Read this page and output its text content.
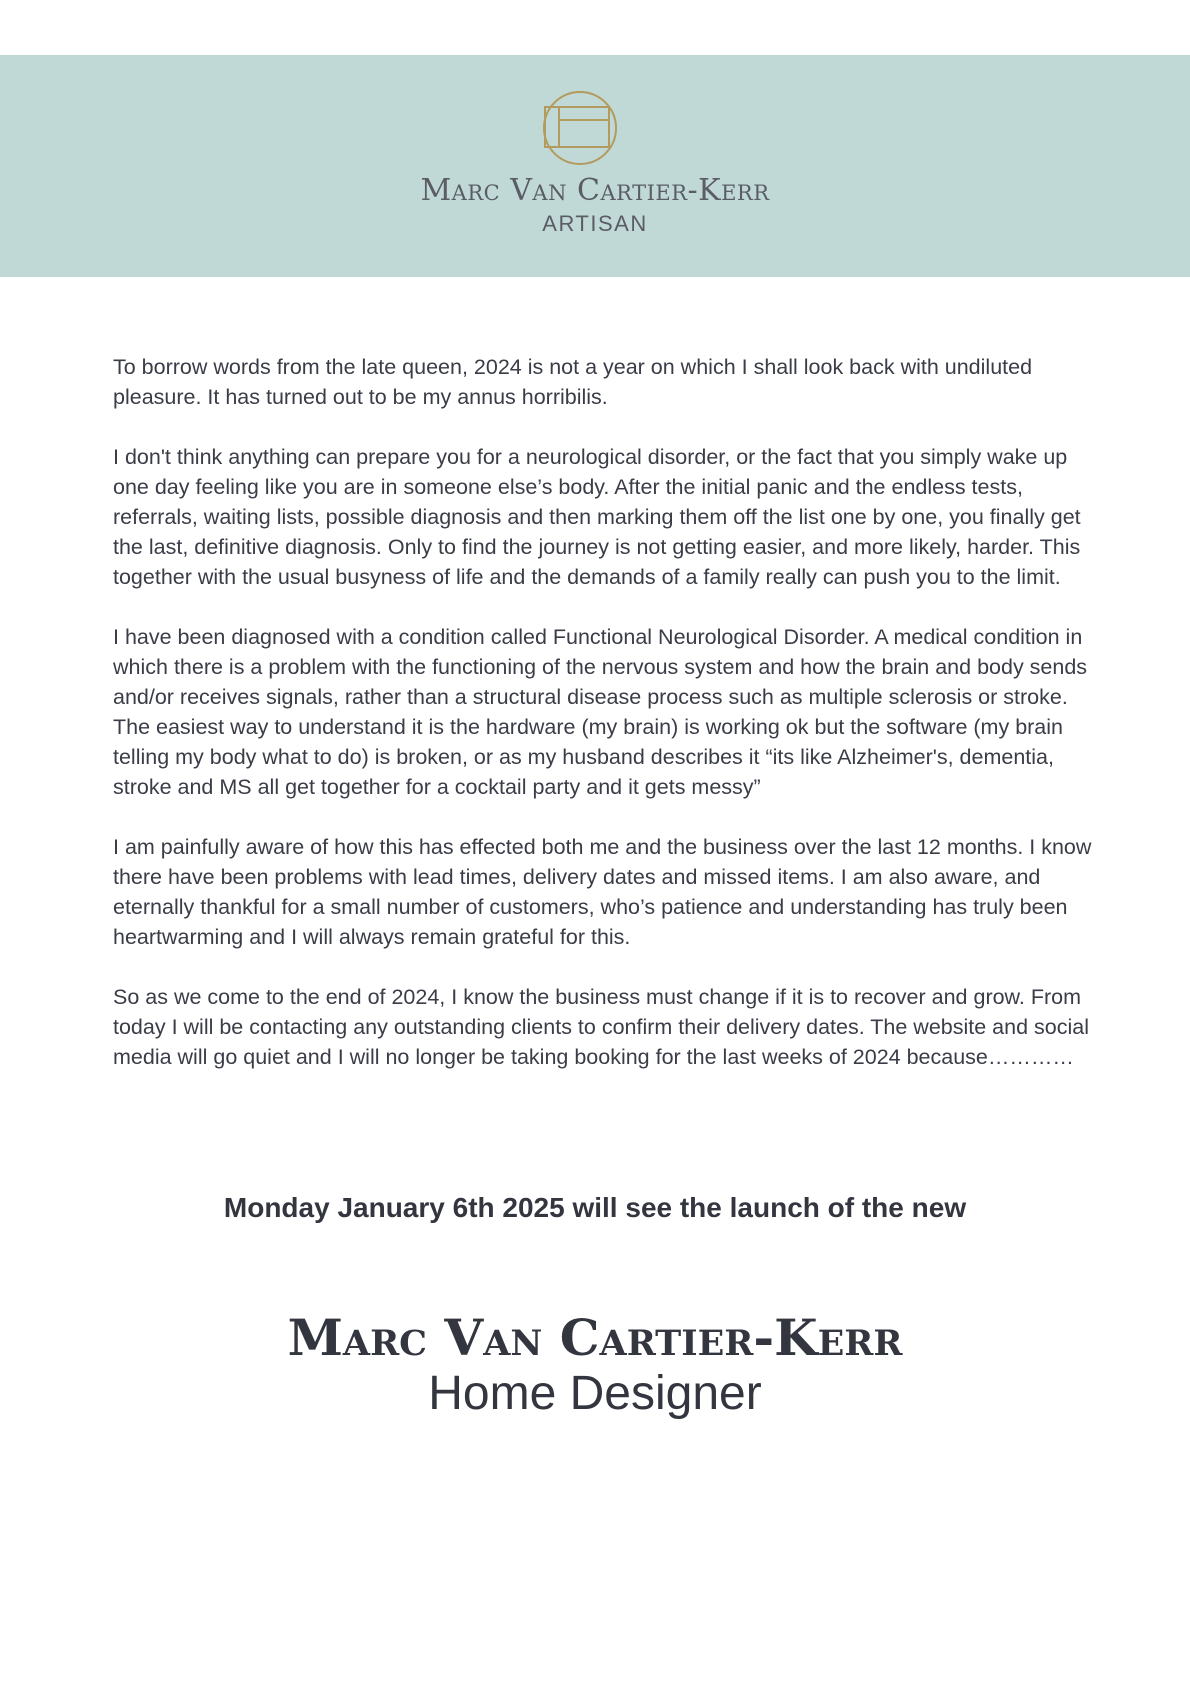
Marc Van Cartier-Kerr
ARTISAN

To borrow words from the late queen, 2024 is not a year on which I shall look back with undiluted pleasure. It has turned out to be my annus horribilis.

I don't think anything can prepare you for a neurological disorder, or the fact that you simply wake up one day feeling like you are in someone else’s body. After the initial panic and the endless tests, referrals, waiting lists, possible diagnosis and then marking them off the list one by one, you finally get the last, definitive diagnosis. Only to find the journey is not getting easier, and more likely, harder. This together with the usual busyness of life and the demands of a family really can push you to the limit.

I have been diagnosed with a condition called Functional Neurological Disorder. A medical condition in which there is a problem with the functioning of the nervous system and how the brain and body sends and/or receives signals, rather than a structural disease process such as multiple sclerosis or stroke. The easiest way to understand it is the hardware (my brain) is working ok but the software (my brain telling my body what to do) is broken, or as my husband describes it “its like Alzheimer's, dementia, stroke and MS all get together for a cocktail party and it gets messy”

I am painfully aware of how this has effected both me and the business over the last 12 months. I know there have been problems with lead times, delivery dates and missed items. I am also aware, and eternally thankful for a small number of customers, who’s patience and understanding has truly been heartwarming and I will always remain grateful for this.

So as we come to the end of 2024, I know the business must change if it is to recover and grow. From today I will be contacting any outstanding clients to confirm their delivery dates. The website and social media will go quiet and I will no longer be taking booking for the last weeks of 2024 because…………

Monday January 6th 2025 will see the launch of the new
Marc Van Cartier-Kerr
Home Designer
